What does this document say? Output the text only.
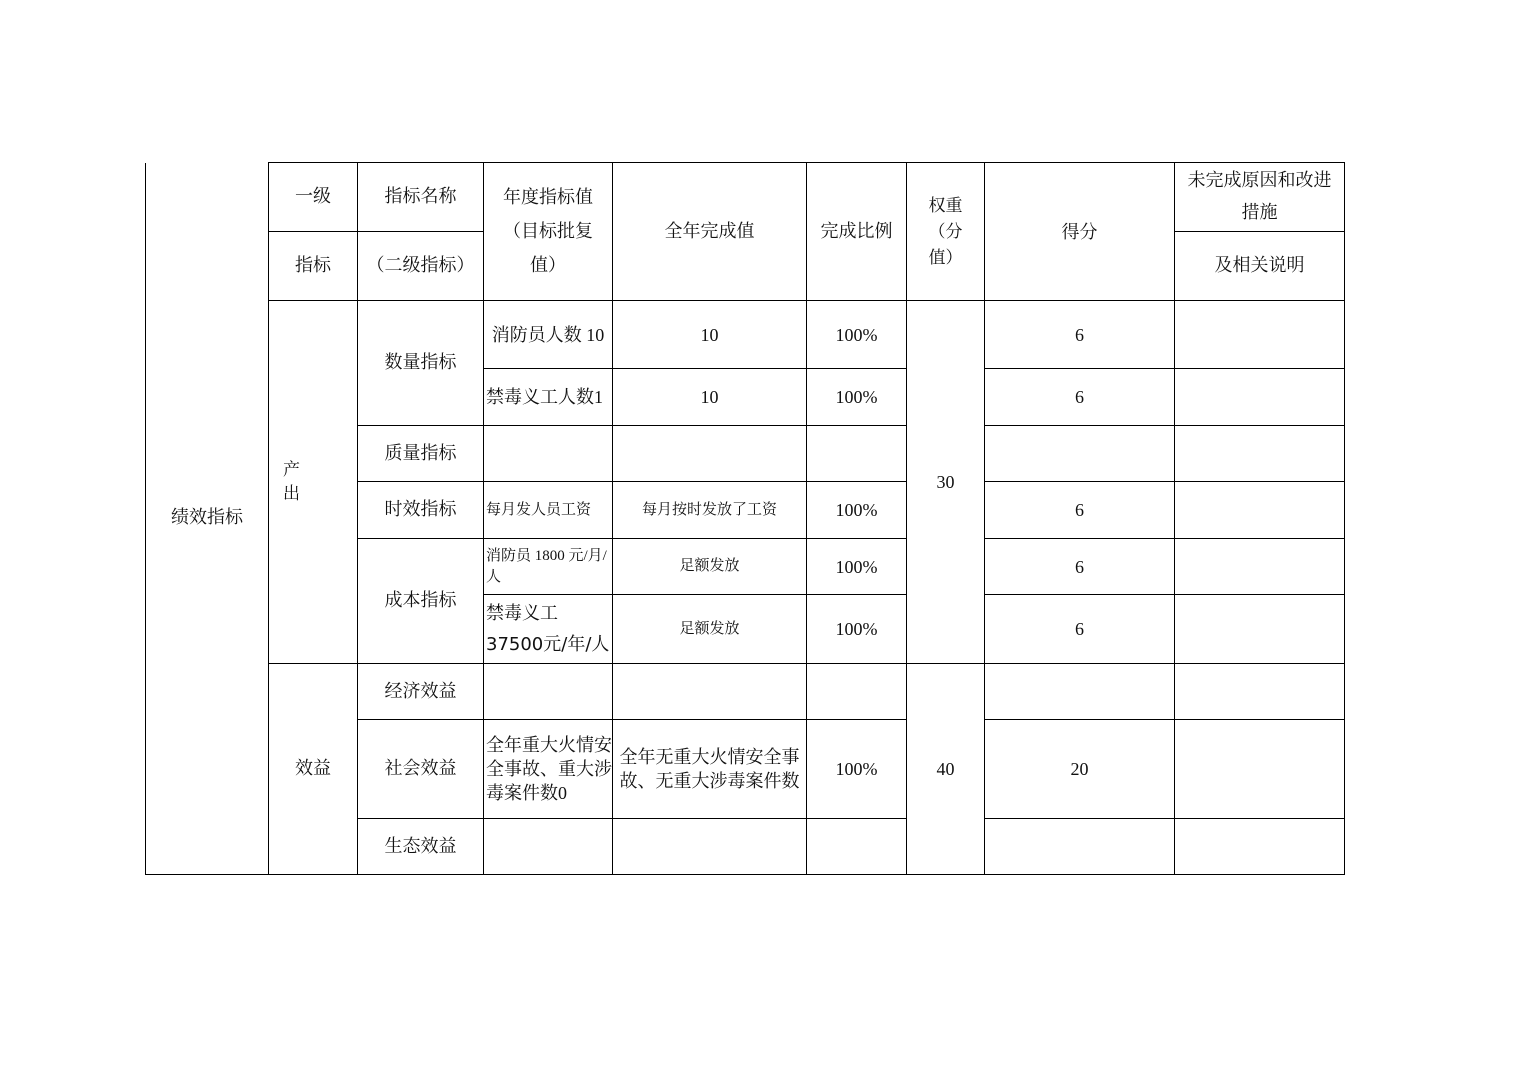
绩效指标	一级	指标名称	年度指标值（目标批复值）	全年完成值	完成比例	权重（分值）	得分	未完成原因和改进措施
	指标	（二级指标）						及相关说明
	产 出	数量指标	消防员人数 10	10	100%	30	6	
			禁毒义工人数1	10	100%		6	
		质量指标						
		时效指标	每月发人员工资	每月按时发放了工资	100%		6	
		成本指标	消防员 1800 元/月/人	足额发放	100%		6	
			禁毒义工37500元/年/人	足额发放	100%		6	
	效益	经济效益				40		
		社会效益	全年重大火情安全事故、重大涉毒案件数0	全年无重大火情安全事故、无重大涉毒案件数	100%		20	
		生态效益						
